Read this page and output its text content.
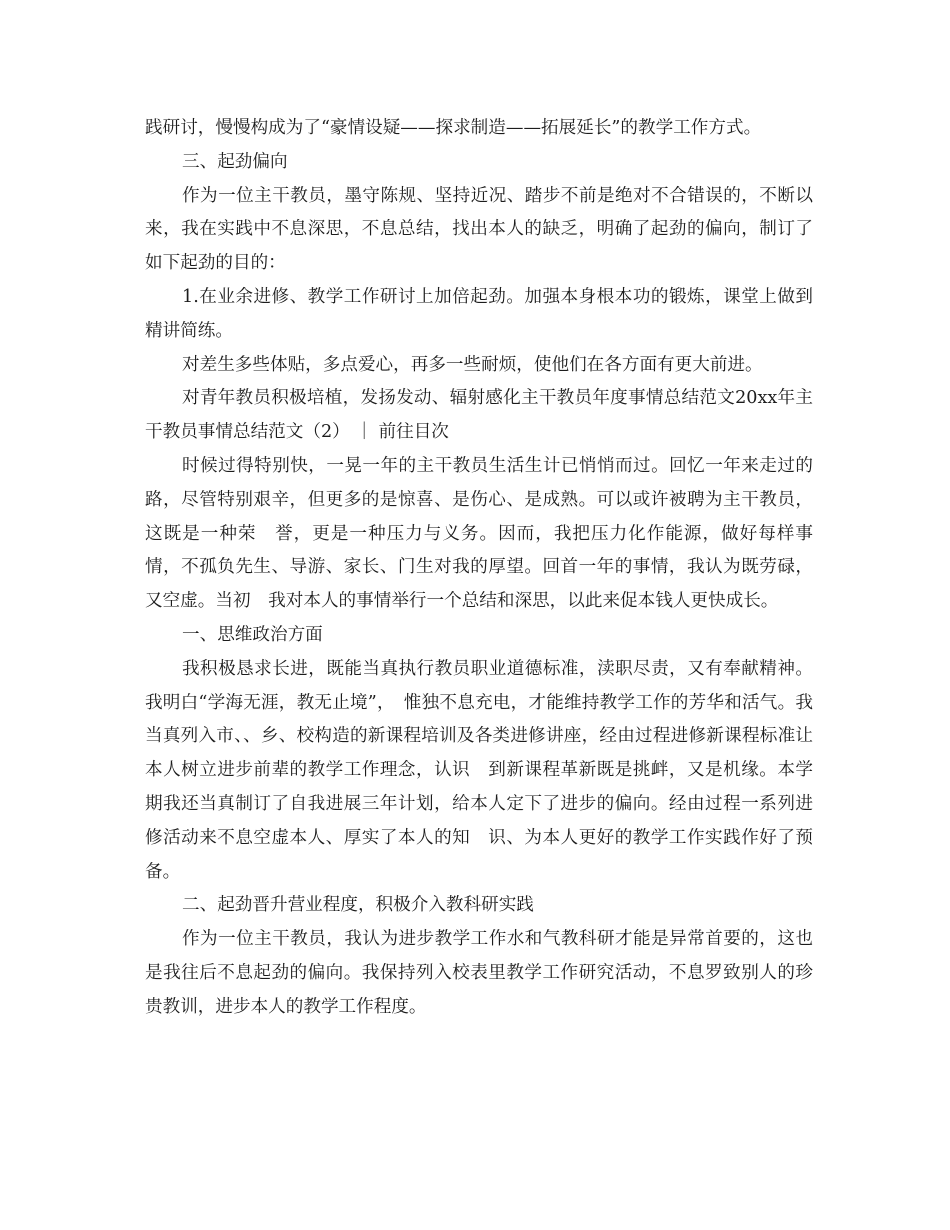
践研讨，慢慢构成为了“豪情设疑——探求制造——拓展延长”的教学工作方式。

三、起劲偏向

作为一位主干教员，墨守陈规、坚持近况、踏步不前是绝对不合错误的，不断以来，我在实践中不息深思，不息总结，找出本人的缺乏，明确了起劲的偏向，制订了如下起劲的目的：

1.在业余进修、教学工作研讨上加倍起劲。加强本身根本功的锻炼，课堂上做到精讲简练。

对差生多些体贴，多点爱心，再多一些耐烦，使他们在各方面有更大前进。

对青年教员积极培植，发扬发动、辐射感化主干教员年度事情总结范文20xx年主干教员事情总结范文（2） ｜ 前往目次

时候过得特别快，一晃一年的主干教员生活生计已悄悄而过。回忆一年来走过的路，尽管特别艰辛，但更多的是惊喜、是伤心、是成熟。可以或许被聘为主干教员，这既是一种荣　誉，更是一种压力与义务。因而，我把压力化作能源，做好每样事情，不孤负先生、导游、家长、门生对我的厚望。回首一年的事情，我认为既劳碌，又空虚。当初　我对本人的事情举行一个总结和深思，以此来促本钱人更快成长。

一、思维政治方面

我积极恳求长进，既能当真执行教员职业道德标准，渎职尽责，又有奉献精神。我明白“学海无涯，教无止境”，　惟独不息充电，才能维持教学工作的芳华和活气。我当真列入市、、乡、校构造的新课程培训及各类进修讲座，经由过程进修新课程标准让本人树立进步前辈的教学工作理念，认识　到新课程革新既是挑衅，又是机缘。本学期我还当真制订了自我进展三年计划，给本人定下了进步的偏向。经由过程一系列进修活动来不息空虚本人、厚实了本人的知　识、为本人更好的教学工作实践作好了预备。

二、起劲晋升营业程度，积极介入教科研实践

作为一位主干教员，我认为进步教学工作水和气教科研才能是异常首要的，这也是我往后不息起劲的偏向。我保持列入校表里教学工作研究活动，不息罗致别人的珍贵教训，进步本人的教学工作程度。
